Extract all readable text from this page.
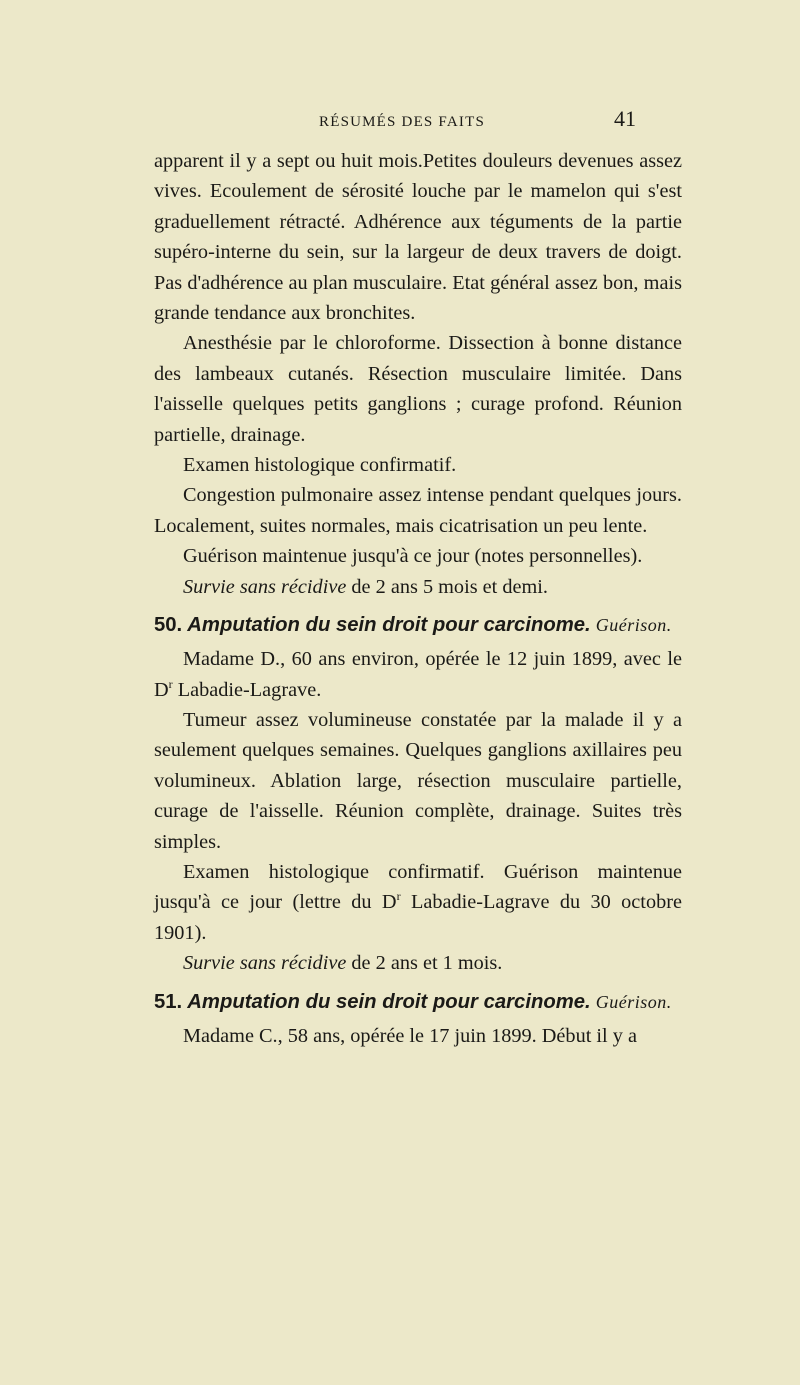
RÉSUMÉS DES FAITS	41

apparent il y a sept ou huit mois.Petites douleurs devenues assez vives. Ecoulement de sérosité louche par le mamelon qui s'est graduellement rétracté. Adhérence aux téguments de la partie supéro-interne du sein, sur la largeur de deux travers de doigt. Pas d'adhérence au plan musculaire. Etat général assez bon, mais grande tendance aux bronchites.

Anesthésie par le chloroforme. Dissection à bonne distance des lambeaux cutanés. Résection musculaire limitée. Dans l'aisselle quelques petits ganglions ; curage profond. Réunion partielle, drainage.

Examen histologique confirmatif.

Congestion pulmonaire assez intense pendant quelques jours. Localement, suites normales, mais cicatrisation un peu lente.

Guérison maintenue jusqu'à ce jour (notes personnelles).

Survie sans récidive de 2 ans 5 mois et demi.

50. Amputation du sein droit pour carcinome. Guérison.

Madame D., 60 ans environ, opérée le 12 juin 1899, avec le $D^r$ Labadie-Lagrave.

Tumeur assez volumineuse constatée par la malade il y a seulement quelques semaines. Quelques ganglions axillaires peu volumineux. Ablation large, résection musculaire partielle, curage de l'aisselle. Réunion complète, drainage. Suites très simples.

Examen histologique confirmatif. Guérison maintenue jusqu'à ce jour (lettre du $D^r$ Labadie-Lagrave du 30 octobre 1901).

Survie sans récidive de 2 ans et 1 mois.

51. Amputation du sein droit pour carcinome. Guérison.

Madame C., 58 ans, opérée le 17 juin 1899. Début il y a
